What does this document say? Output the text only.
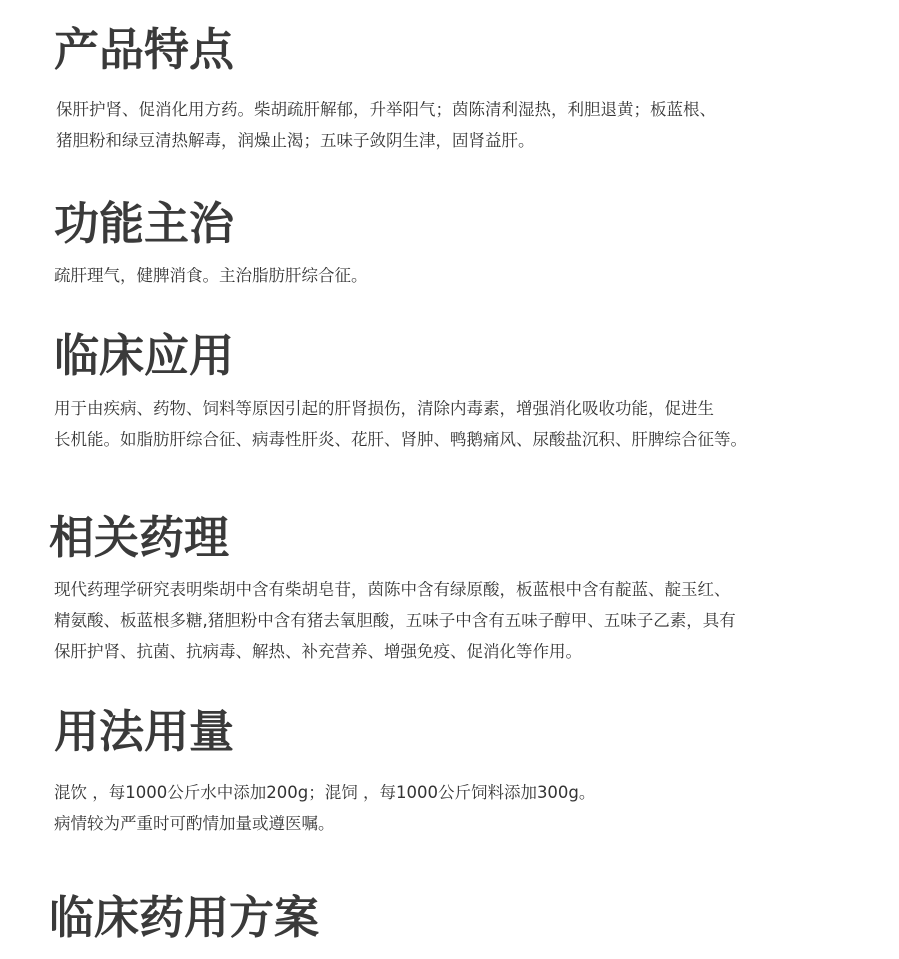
产品特点
保肝护肾、促消化用方药。柴胡疏肝解郁，升举阳气；茵陈清利湿热，利胆退黄；板蓝根、
猪胆粉和绿豆清热解毒，润燥止渴；五味子敛阴生津，固肾益肝。
功能主治
疏肝理气，健脾消食。主治脂肪肝综合征。
临床应用
用于由疾病、药物、饲料等原因引起的肝肾损伤，清除内毒素，增强消化吸收功能，促进生
长机能。如脂肪肝综合征、病毒性肝炎、花肝、肾肿、鸭鹅痛风、尿酸盐沉积、肝脾综合征等。
相关药理
现代药理学研究表明柴胡中含有柴胡皂苷，茵陈中含有绿原酸，板蓝根中含有靛蓝、靛玉红、
精氨酸、板蓝根多糖,猪胆粉中含有猪去氧胆酸，五味子中含有五味子醇甲、五味子乙素，具有
保肝护肾、抗菌、抗病毒、解热、补充营养、增强免疫、促消化等作用。
用法用量
混饮 ，每1000公斤水中添加200g；混饲 ，每1000公斤饲料添加300g。
病情较为严重时可酌情加量或遵医嘱。
临床药用方案
